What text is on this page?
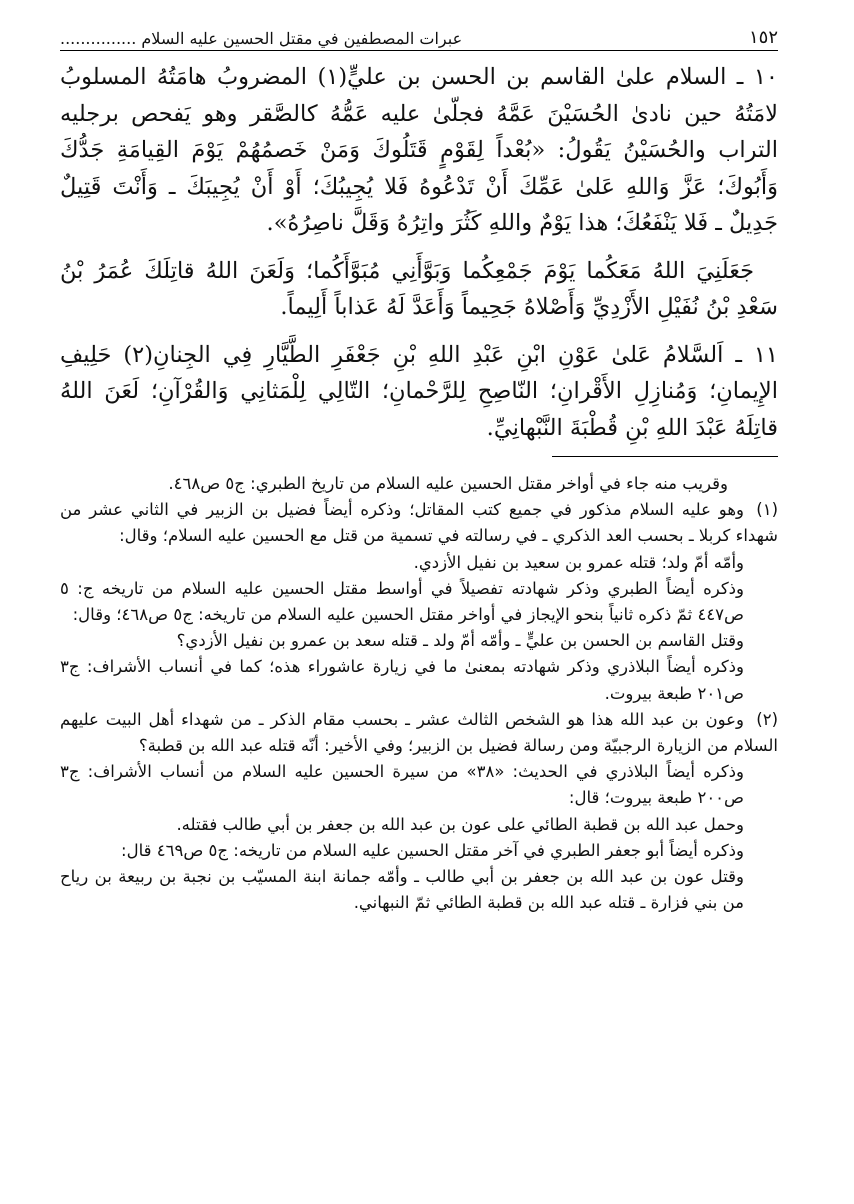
١٥٢
عبرات المصطفين في مقتل الحسين عليه السلام ...............

١٠ ـ السلام علىٰ القاسم بن الحسن بن عليٍّ(١) المضروبُ هامَتُهُ المسلوبُ لامَتُهُ حين نادىٰ الحُسَيْنَ عَمَّهُ فجلّىٰ عليه عَمُّهُ كالصَّقر وهو يَفحص برجليه التراب والحُسَيْنُ يَقُولُ: «بُعْداً لِقَوْمٍ قَتَلُوكَ وَمَنْ خَصمُهُمْ يَوْمَ القِيامَةِ جَدُّكَ وَأَبُوكَ؛ عَزَّ وَاللهِ عَلىٰ عَمِّكَ أَنْ تَدْعُوهُ فَلا يُجِيبُكَ؛ أَوْ أَنْ يُجِيبَكَ ـ وَأَنْتَ قَتِيلٌ جَدِيلٌ ـ فَلا يَنْفَعُكَ؛ هذا يَوْمٌ واللهِ كَثُرَ واتِرُهُ وَقَلَّ ناصِرُهُ».

جَعَلَنِيَ اللهُ مَعَكُما يَوْمَ جَمْعِكُما وَبَوَّأَنِي مُبَوَّأَكُما؛ وَلَعَنَ اللهُ قاتِلَكَ عُمَرُ بْنُ سَعْدِ بْنُ نُفَيْلِ الأَزْدِيِّ وَأَصْلاهُ جَحِيماً وَأَعَدَّ لَهُ عَذاباً أَلِيماً.

١١ ـ اَلسَّلامُ عَلىٰ عَوْنِ ابْنِ عَبْدِ اللهِ بْنِ جَعْفَرِ الطَّيَّارِ فِي الجِنانِ(٢) حَلِيفِ الإِيمانِ؛ وَمُنازِلِ الأَقْرانِ؛ النّاصِحِ لِلرَّحْمانِ؛ التّالِي لِلْمَثانِي وَالقُرْآنِ؛ لَعَنَ اللهُ قاتِلَهُ عَبْدَ اللهِ بْنِ قُطْبَةَ النَّبْهانِيِّ.

وقريب منه جاء في أواخر مقتل الحسين عليه السلام من تاريخ الطبري: ج٥ ص٤٦٨.

(١)وهو عليه السلام مذكور في جميع كتب المقاتل؛ وذكره أيضاً فضيل بن الزبير في الثاني عشر من شهداء كربلا ـ بحسب العد الذكري ـ في رسالته في تسمية من قتل مع الحسين عليه السلام؛ وقال:

وأمّه أمّ ولد؛ قتله عمرو بن سعيد بن نفيل الأزدي.

وذكره أيضاً الطبري وذكر شهادته تفصيلاً في أواسط مقتل الحسين عليه السلام من تاريخه ج: ٥ ص٤٤٧ ثمّ ذكره ثانياً بنحو الإيجاز في أواخر مقتل الحسين عليه السلام من تاريخه: ج٥ ص٤٦٨؛ وقال:

وقتل القاسم بن الحسن بن عليٍّ ـ وأمّه أمّ ولد ـ قتله سعد بن عمرو بن نفيل الأزدي؟

وذكره أيضاً البلاذري وذكر شهادته بمعنىٰ ما في زيارة عاشوراء هذه؛ كما في أنساب الأشراف: ج٣ ص٢٠١ طبعة بيروت.

(٢)وعون بن عبد الله هذا هو الشخص الثالث عشر ـ بحسب مقام الذكر ـ من شهداء أهل البيت عليهم السلام من الزيارة الرجبيّة ومن رسالة فضيل بن الزبير؛ وفي الأخير: أنّه قتله عبد الله بن قطبة؟

وذكره أيضاً البلاذري في الحديث: «٣٨» من سيرة الحسين عليه السلام من أنساب الأشراف: ج٣ ص٢٠٠ طبعة بيروت؛ قال:

وحمل عبد الله بن قطبة الطائي على عون بن عبد الله بن جعفر بن أبي طالب فقتله.

وذكره أيضاً أبو جعفر الطبري في آخر مقتل الحسين عليه السلام من تاريخه: ج٥ ص٤٦٩ قال:

وقتل عون بن عبد الله بن جعفر بن أبي طالب ـ وأمّه جمانة ابنة المسيّب بن نجبة بن ربيعة بن رياح من بني فزارة ـ قتله عبد الله بن قطبة الطائي ثمّ النبهاني.
